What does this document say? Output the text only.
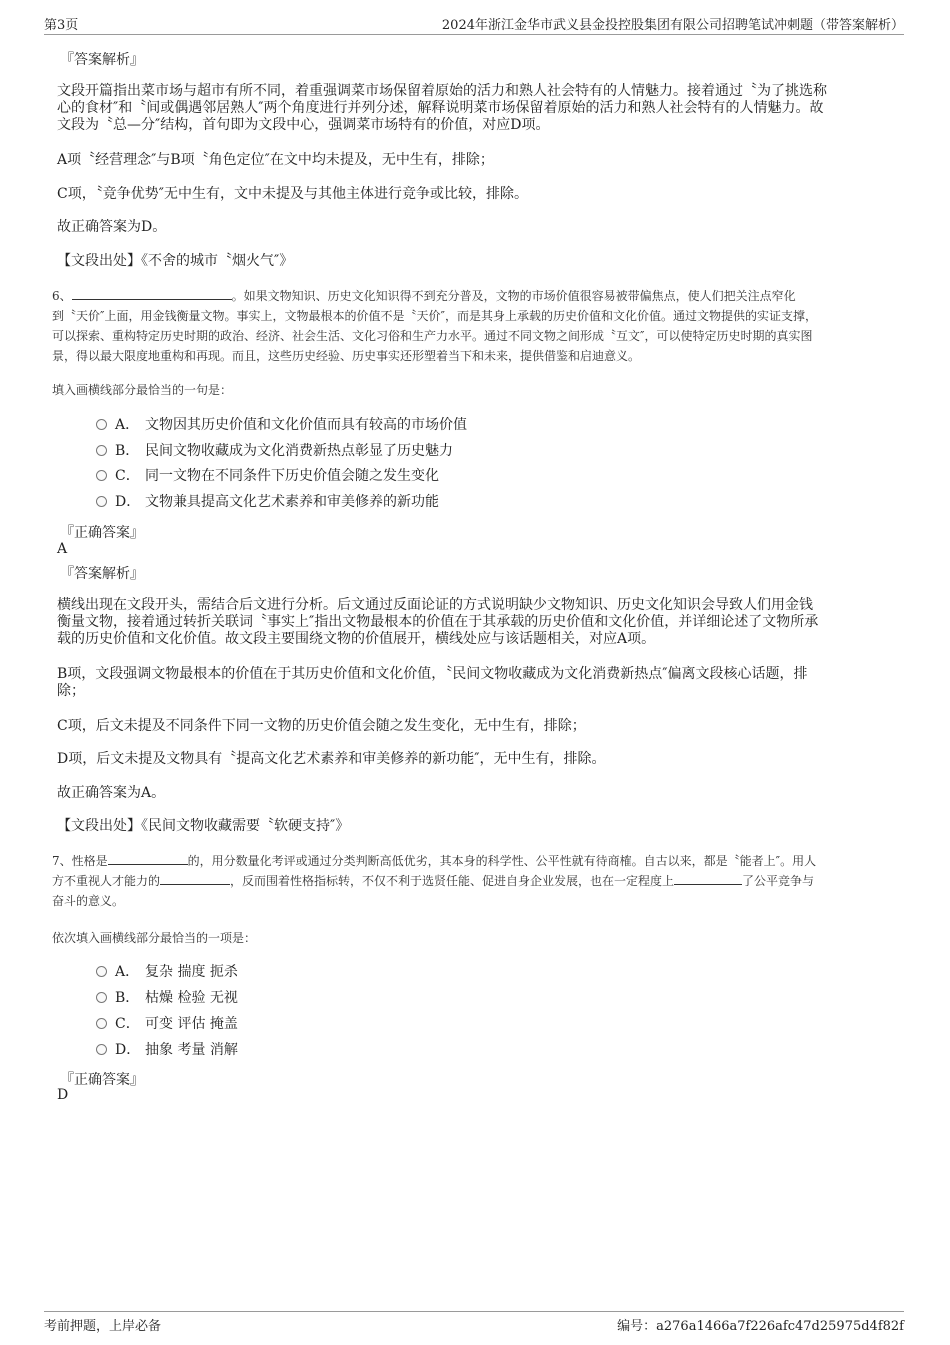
第3页	2024年浙江金华市武义县金投控股集团有限公司招聘笔试冲刺题（带答案解析）
『答案解析』
文段开篇指出菜市场与超市有所不同，着重强调菜市场保留着原始的活力和熟人社会特有的人情魅力。接着通过〝为了挑选称
心的食材″和〝间或偶遇邻居熟人″两个角度进行并列分述，解释说明菜市场保留着原始的活力和熟人社会特有的人情魅力。故
文段为〝总—分″结构，首句即为文段中心，强调菜市场特有的价值，对应D项。
A项〝经营理念″与B项〝角色定位″在文中均未提及，无中生有，排除；
C项，〝竞争优势″无中生有，文中未提及与其他主体进行竞争或比较，排除。
故正确答案为D。
【文段出处】《不舍的城市〝烟火气″》
6、	。如果文物知识、历史文化知识得不到充分普及，文物的市场价值很容易被带偏焦点，使人们把关注点窄化
到〝天价″上面，用金钱衡量文物。事实上，文物最根本的价值不是〝天价″，而是其身上承载的历史价值和文化价值。通过文物提供的实证支撑，
可以探索、重构特定历史时期的政治、经济、社会生活、文化习俗和生产力水平。通过不同文物之间形成〝互文″，可以使特定历史时期的真实图
景，得以最大限度地重构和再现。而且，这些历史经验、历史事实还形塑着当下和未来，提供借鉴和启迪意义。
填入画横线部分最恰当的一句是：
A． 文物因其历史价值和文化价值而具有较高的市场价值
B． 民间文物收藏成为文化消费新热点彰显了历史魅力
C． 同一文物在不同条件下历史价值会随之发生变化
D． 文物兼具提高文化艺术素养和审美修养的新功能
『正确答案』
A
『答案解析』
横线出现在文段开头，需结合后文进行分析。后文通过反面论证的方式说明缺少文物知识、历史文化知识会导致人们用金钱
衡量文物，接着通过转折关联词〝事实上″指出文物最根本的价值在于其承载的历史价值和文化价值，并详细论述了文物所承
载的历史价值和文化价值。故文段主要围绕文物的价值展开，横线处应与该话题相关，对应A项。
B项，文段强调文物最根本的价值在于其历史价值和文化价值，〝民间文物收藏成为文化消费新热点″偏离文段核心话题，排
除；
C项，后文未提及不同条件下同一文物的历史价值会随之发生变化，无中生有，排除；
D项，后文未提及文物具有〝提高文化艺术素养和审美修养的新功能″，无中生有，排除。
故正确答案为A。
【文段出处】《民间文物收藏需要〝软硬支持″》
7、性格是	的，用分数量化考评或通过分类判断高低优劣，其本身的科学性、公平性就有待商榷。自古以来，都是〝能者上″。用人
方不重视人才能力的	，反而围着性格指标转，不仅不利于选贤任能、促进自身企业发展，也在一定程度上	了公平竞争与
奋斗的意义。
依次填入画横线部分最恰当的一项是：
A． 复杂 揣度 扼杀
B． 枯燥 检验 无视
C． 可变 评估 掩盖
D． 抽象 考量 消解
『正确答案』
D
考前押题，上岸必备	编号：a276a1466a7f226afc47d25975d4f82f
